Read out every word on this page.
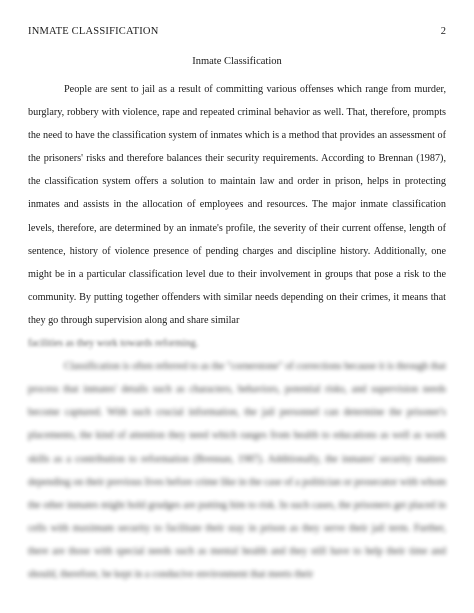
INMATE CLASSIFICATION	2
Inmate Classification

People are sent to jail as a result of committing various offenses which range from murder, burglary, robbery with violence, rape and repeated criminal behavior as well. That, therefore, prompts the need to have the classification system of inmates which is a method that provides an assessment of the prisoners' risks and therefore balances their security requirements. According to Brennan (1987), the classification system offers a solution to maintain law and order in prison, helps in protecting inmates and assists in the allocation of employees and resources. The major inmate classification levels, therefore, are determined by an inmate's profile, the severity of their current offense, length of sentence, history of violence presence of pending charges and discipline history. Additionally, one might be in a particular classification level due to their involvement in groups that pose a risk to the community. By putting together offenders with similar needs depending on their crimes, it means that they go through supervision along and share similar

facilities as they work towards reforming.

Classification is often referred to as the "cornerstone" of corrections because it is through that process that inmates' details such as characters, behaviors, potential risks, and supervision needs become captured. With such crucial information, the jail personnel can determine the prisoner's placements, the kind of attention they need which ranges from health to educations as well as work skills as a contribution to reformation (Brennan, 1987). Additionally, the inmates' security matters depending on their previous lives before crime like in the case of a politician or prosecutor with whom the other inmates might hold grudges are putting him to risk. In such cases, the prisoners get placed in cells with maximum security to facilitate their stay in prison as they serve their jail term. Further, there are those with special needs such as mental health and they still have to help their time and should, therefore, be kept in a conducive environment that meets their
